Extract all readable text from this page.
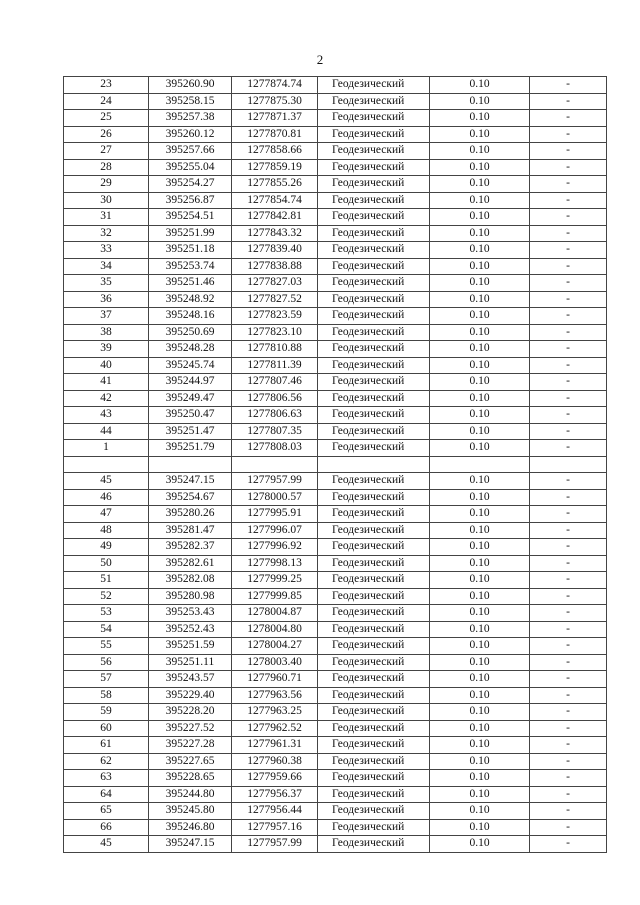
2
23	395260.90	1277874.74	Геодезический	0.10	-
24	395258.15	1277875.30	Геодезический	0.10	-
25	395257.38	1277871.37	Геодезический	0.10	-
26	395260.12	1277870.81	Геодезический	0.10	-
27	395257.66	1277858.66	Геодезический	0.10	-
28	395255.04	1277859.19	Геодезический	0.10	-
29	395254.27	1277855.26	Геодезический	0.10	-
30	395256.87	1277854.74	Геодезический	0.10	-
31	395254.51	1277842.81	Геодезический	0.10	-
32	395251.99	1277843.32	Геодезический	0.10	-
33	395251.18	1277839.40	Геодезический	0.10	-
34	395253.74	1277838.88	Геодезический	0.10	-
35	395251.46	1277827.03	Геодезический	0.10	-
36	395248.92	1277827.52	Геодезический	0.10	-
37	395248.16	1277823.59	Геодезический	0.10	-
38	395250.69	1277823.10	Геодезический	0.10	-
39	395248.28	1277810.88	Геодезический	0.10	-
40	395245.74	1277811.39	Геодезический	0.10	-
41	395244.97	1277807.46	Геодезический	0.10	-
42	395249.47	1277806.56	Геодезический	0.10	-
43	395250.47	1277806.63	Геодезический	0.10	-
44	395251.47	1277807.35	Геодезический	0.10	-
1	395251.79	1277808.03	Геодезический	0.10	-

45	395247.15	1277957.99	Геодезический	0.10	-
46	395254.67	1278000.57	Геодезический	0.10	-
47	395280.26	1277995.91	Геодезический	0.10	-
48	395281.47	1277996.07	Геодезический	0.10	-
49	395282.37	1277996.92	Геодезический	0.10	-
50	395282.61	1277998.13	Геодезический	0.10	-
51	395282.08	1277999.25	Геодезический	0.10	-
52	395280.98	1277999.85	Геодезический	0.10	-
53	395253.43	1278004.87	Геодезический	0.10	-
54	395252.43	1278004.80	Геодезический	0.10	-
55	395251.59	1278004.27	Геодезический	0.10	-
56	395251.11	1278003.40	Геодезический	0.10	-
57	395243.57	1277960.71	Геодезический	0.10	-
58	395229.40	1277963.56	Геодезический	0.10	-
59	395228.20	1277963.25	Геодезический	0.10	-
60	395227.52	1277962.52	Геодезический	0.10	-
61	395227.28	1277961.31	Геодезический	0.10	-
62	395227.65	1277960.38	Геодезический	0.10	-
63	395228.65	1277959.66	Геодезический	0.10	-
64	395244.80	1277956.37	Геодезический	0.10	-
65	395245.80	1277956.44	Геодезический	0.10	-
66	395246.80	1277957.16	Геодезический	0.10	-
45	395247.15	1277957.99	Геодезический	0.10	-
